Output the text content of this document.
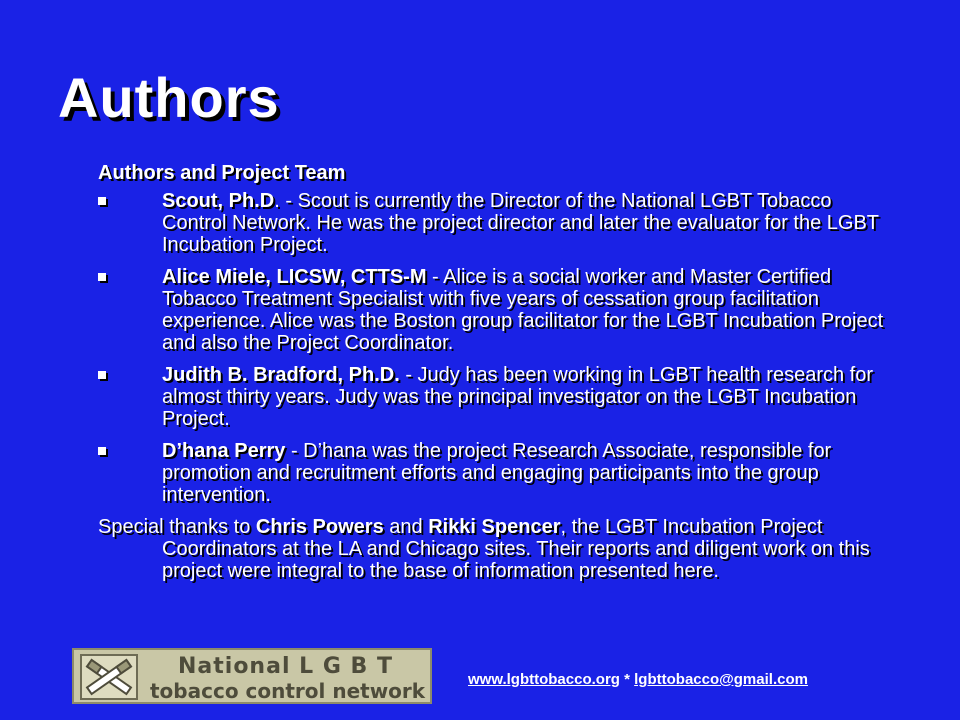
Authors
Authors and Project Team
Scout, Ph.D. - Scout is currently the Director of the National LGBT Tobacco Control Network. He was the project director and later the evaluator for the LGBT Incubation Project.
Alice Miele, LICSW, CTTS-M - Alice is a social worker and Master Certified Tobacco Treatment Specialist with five years of cessation group facilitation experience. Alice was the Boston group facilitator for the LGBT Incubation Project and also the Project Coordinator.
Judith B. Bradford, Ph.D. - Judy has been working in LGBT health research for almost thirty years. Judy was the principal investigator on the LGBT Incubation Project.
D’hana Perry - D’hana was the project Research Associate, responsible for promotion and recruitment efforts and engaging participants into the group intervention.
Special thanks to Chris Powers and Rikki Spencer, the LGBT Incubation Project Coordinators at the LA and Chicago sites. Their reports and diligent work on this project were integral to the base of information presented here.
National L G B T
tobacco control network	www.lgbttobacco.org * lgbttobacco@gmail.com
